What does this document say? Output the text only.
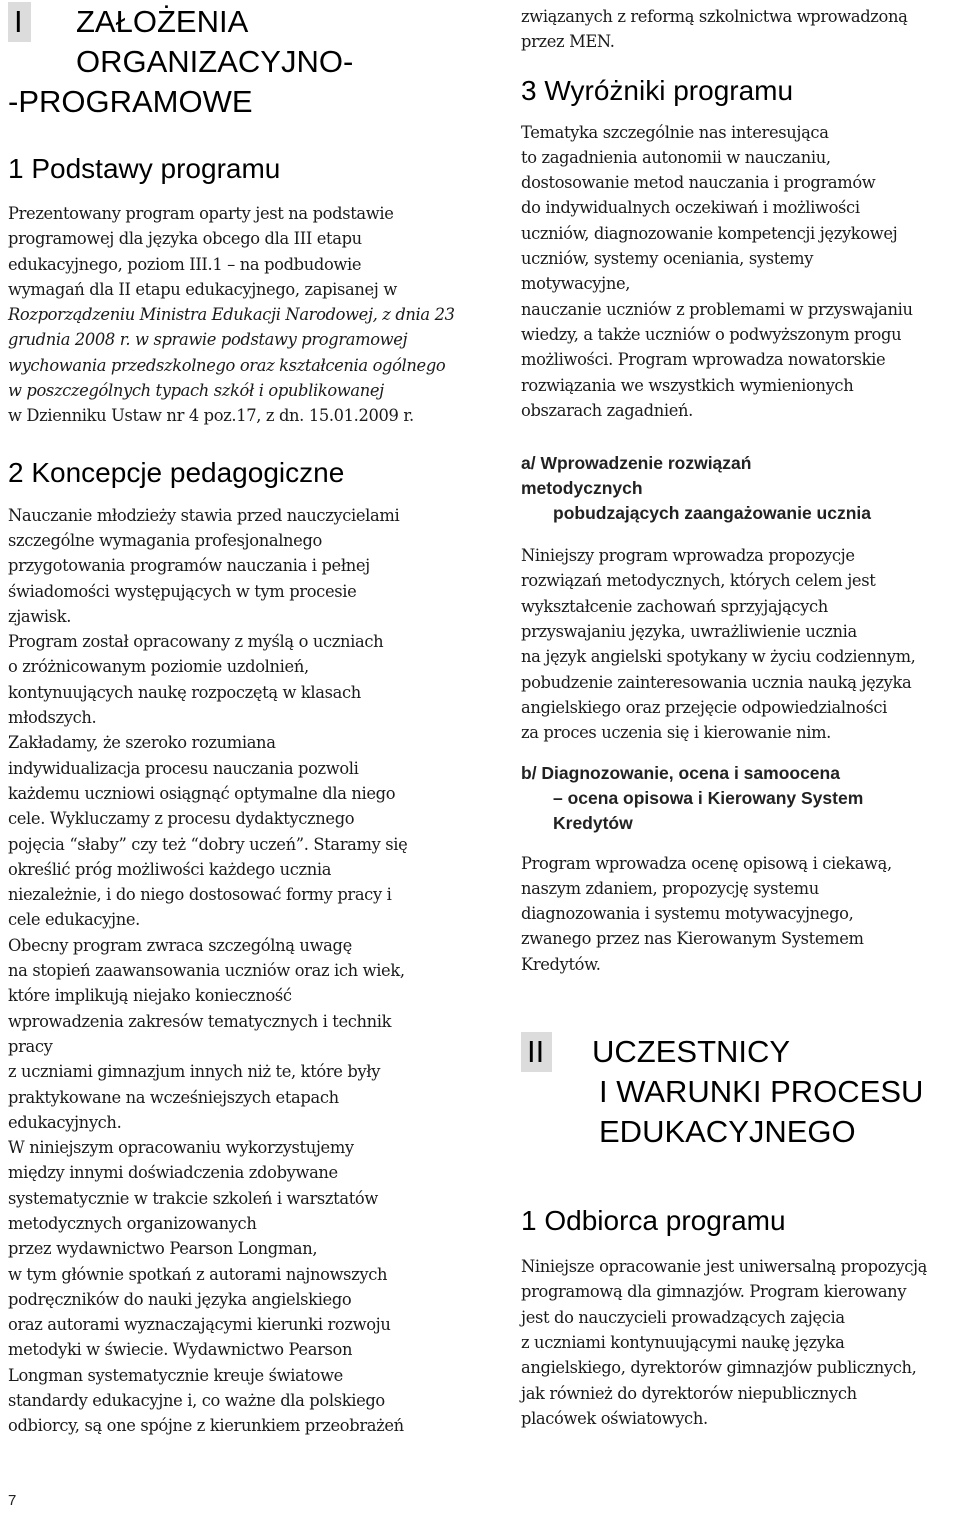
I ZAŁOŻENIA
ORGANIZACYJNO-
-PROGRAMOWE
1 Podstawy programu
Prezentowany program oparty jest na podstawie
programowej dla języka obcego dla III etapu
edukacyjnego, poziom III.1 – na podbudowie
wymagań dla II etapu edukacyjnego, zapisanej w
Rozporządzeniu Ministra Edukacji Narodowej, z dnia 23
grudnia 2008 r. w sprawie podstawy programowej
wychowania przedszkolnego oraz kształcenia ogólnego
w poszczególnych typach szkół i opublikowanej
w Dzienniku Ustaw nr 4 poz.17, z dn. 15.01.2009 r.
2 Koncepcje pedagogiczne
Nauczanie młodzieży stawia przed nauczycielami
szczególne wymagania profesjonalnego
przygotowania programów nauczania i pełnej
świadomości występujących w tym procesie
zjawisk.
Program został opracowany z myślą o uczniach
o zróżnicowanym poziomie uzdolnień,
kontynuujących naukę rozpoczętą w klasach
młodszych.
Zakładamy, że szeroko rozumiana
indywidualizacja procesu nauczania pozwoli
każdemu uczniowi osiągnąć optymalne dla niego
cele. Wykluczamy z procesu dydaktycznego
pojęcia “słaby” czy też “dobry uczeń”. Staramy się
określić próg możliwości każdego ucznia
niezależnie, i do niego dostosować formy pracy i
cele edukacyjne.
Obecny program zwraca szczególną uwagę
na stopień zaawansowania uczniów oraz ich wiek,
które implikują niejako konieczność
wprowadzenia zakresów tematycznych i technik
pracy
z uczniami gimnazjum innych niż te, które były
praktykowane na wcześniejszych etapach
edukacyjnych.
W niniejszym opracowaniu wykorzystujemy
między innymi doświadczenia zdobywane
systematycznie w trakcie szkoleń i warsztatów
metodycznych organizowanych
przez wydawnictwo Pearson Longman,
w tym głównie spotkań z autorami najnowszych
podręczników do nauki języka angielskiego
oraz autorami wyznaczającymi kierunki rozwoju
metodyki w świecie. Wydawnictwo Pearson
Longman systematycznie kreuje światowe
standardy edukacyjne i, co ważne dla polskiego
odbiorcy, są one spójne z kierunkiem przeobrażeń
związanych z reformą szkolnictwa wprowadzoną
przez MEN.
3 Wyróżniki programu
Tematyka szczególnie nas interesująca
to zagadnienia autonomii w nauczaniu,
dostosowanie metod nauczania i programów
do indywidualnych oczekiwań i możliwości
uczniów, diagnozowanie kompetencji językowej
uczniów, systemy oceniania, systemy
motywacyjne,
nauczanie uczniów z problemami w przyswajaniu
wiedzy, a także uczniów o podwyższonym progu
możliwości. Program wprowadza nowatorskie
rozwiązania we wszystkich wymienionych
obszarach zagadnień.
a/ Wprowadzenie rozwiązań
metodycznych
pobudzających zaangażowanie ucznia
Niniejszy program wprowadza propozycje
rozwiązań metodycznych, których celem jest
wykształcenie zachowań sprzyjających
przyswajaniu języka, uwrażliwienie ucznia
na język angielski spotykany w życiu codziennym,
pobudzenie zainteresowania ucznia nauką języka
angielskiego oraz przejęcie odpowiedzialności
za proces uczenia się i kierowanie nim.
b/ Diagnozowanie, ocena i samoocena
– ocena opisowa i Kierowany System
Kredytów
Program wprowadza ocenę opisową i ciekawą,
naszym zdaniem, propozycję systemu
diagnozowania i systemu motywacyjnego,
zwanego przez nas Kierowanym Systemem
Kredytów.
II UCZESTNICY
I WARUNKI PROCESU
EDUKACYJNEGO
1 Odbiorca programu
Niniejsze opracowanie jest uniwersalną propozycją
programową dla gimnazjów. Program kierowany
jest do nauczycieli prowadzących zajęcia
z uczniami kontynuującymi naukę języka
angielskiego, dyrektorów gimnazjów publicznych,
jak również do dyrektorów niepublicznych
placówek oświatowych.
7
